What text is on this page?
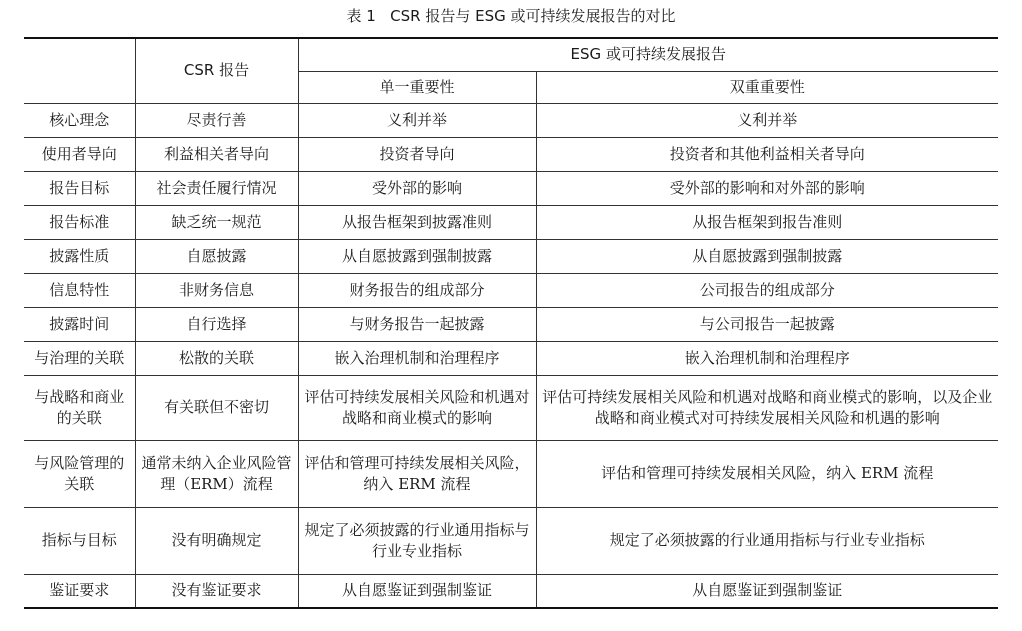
表 1   CSR 报告与 ESG 或可持续发展报告的对比
	CSR 报告	ESG 或可持续发展报告	
		单一重要性	双重重要性
核心理念	尽责行善	义利并举	义利并举
使用者导向	利益相关者导向	投资者导向	投资者和其他利益相关者导向
报告目标	社会责任履行情况	受外部的影响	受外部的影响和对外部的影响
报告标准	缺乏统一规范	从报告框架到披露准则	从报告框架到报告准则
披露性质	自愿披露	从自愿披露到强制披露	从自愿披露到强制披露
信息特性	非财务信息	财务报告的组成部分	公司报告的组成部分
披露时间	自行选择	与财务报告一起披露	与公司报告一起披露
与治理的关联	松散的关联	嵌入治理机制和治理程序	嵌入治理机制和治理程序
与战略和商业的关联	有关联但不密切	评估可持续发展相关风险和机遇对战略和商业模式的影响	评估可持续发展相关风险和机遇对战略和商业模式的影响，以及企业战略和商业模式对可持续发展相关风险和机遇的影响
与风险管理的关联	通常未纳入企业风险管理（ERM）流程	评估和管理可持续发展相关风险，纳入 ERM 流程	评估和管理可持续发展相关风险，纳入 ERM 流程
指标与目标	没有明确规定	规定了必须披露的行业通用指标与行业专业指标	规定了必须披露的行业通用指标与行业专业指标
鉴证要求	没有鉴证要求	从自愿鉴证到强制鉴证	从自愿鉴证到强制鉴证
